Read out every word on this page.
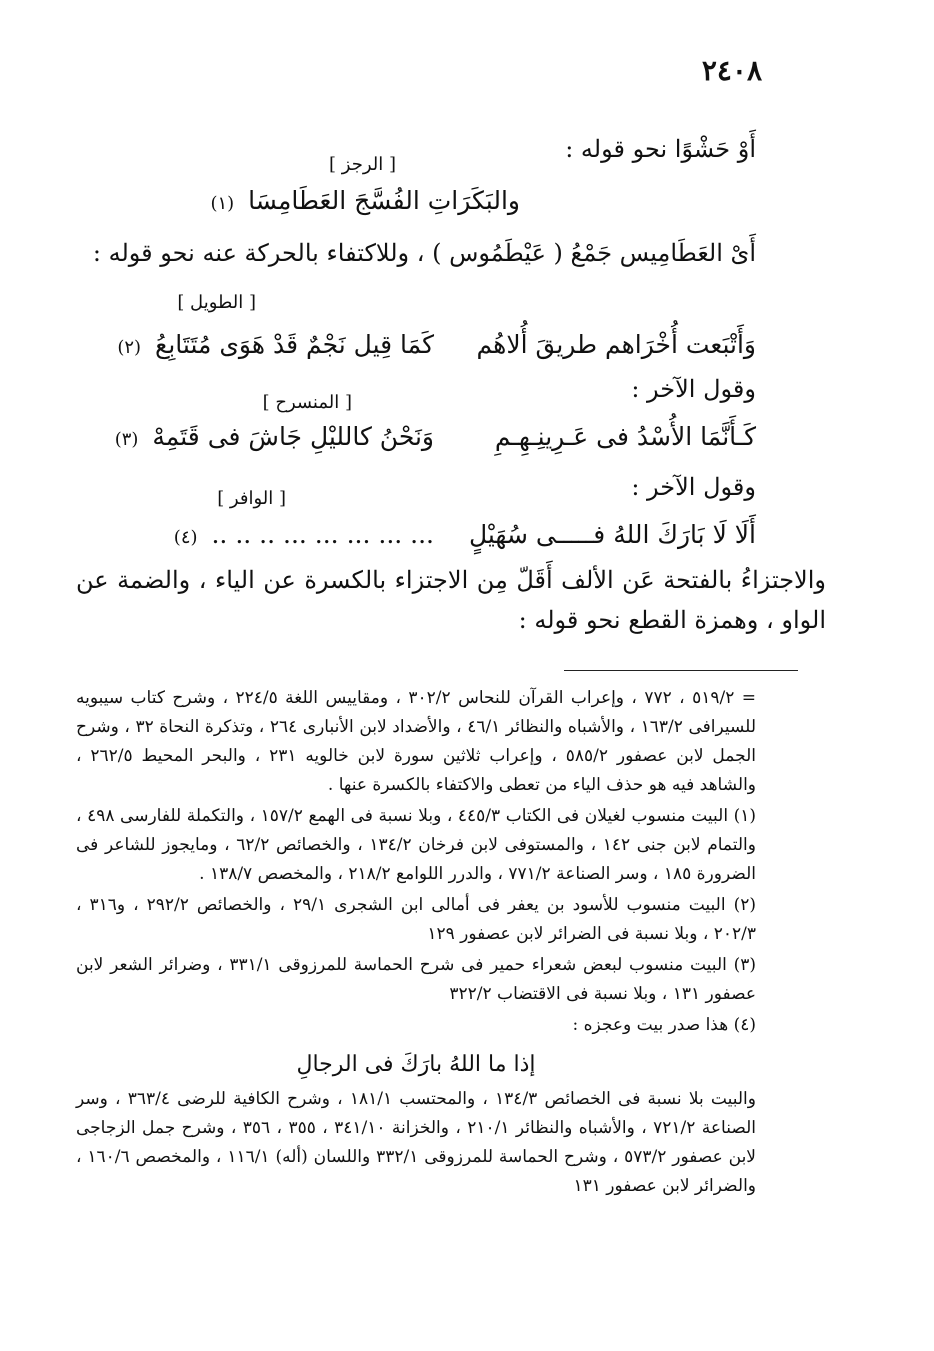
٢٤٠٨
أَوْ حَشْوًا نحو قوله :
[ الرجز ]
والبَكَرَاتِ الفُسَّجَ العَطَامِسَا (١)
أَىْ العَطَامِيس جَمْعُ ( عَيْطَمُوس ) ، وللاكتفاء بالحركة عنه نحو قوله :
[ الطويل ]
وَأَتْبَعت أُخْرَاهم طريقَ أُلاهُم
كَمَا قِيل نَجْمٌ قَدْ هَوَى مُتَتَابِعُ (٢)
وقول الآخر :
[ المنسرح ]
كَـأَنَّمَا الأُسْدُ فى عَـرِينِـهِـمِ
وَنَحْنُ كالليْلِ جَاشَ فى قَتَمِهْ (٣)
وقول الآخر :
[ الوافر ]
أَلَا لَا بَارَكَ اللهُ فـــــى سُهَيْلٍ
... ... ... ... ... .. .. .. (٤)
والاجتزاءُ بالفتحة عَن الألف أَقَلّ مِن الاجتزاء بالكسرة عن الياء ، والضمة عن الواو ، وهمزة القطع نحو قوله :

= ٥١٩/٢ ، ٧٧٢ ، وإعراب القرآن للنحاس ٣٠٢/٢ ، ومقاييس اللغة ٢٢٤/٥ ، وشرح كتاب سيبويه للسيرافى ١٦٣/٢ ، والأشباه والنظائر ٤٦/١ ، والأضداد لابن الأنبارى ٢٦٤ ، وتذكرة النحاة ٣٢ ، وشرح الجمل لابن عصفور ٥٨٥/٢ ، وإعراب ثلاثين سورة لابن خالويه ٢٣١ ، والبحر المحيط ٢٦٢/٥ ، والشاهد فيه هو حذف الياء من تعطى والاكتفاء بالكسرة عنها .

(١) البيت منسوب لغيلان فى الكتاب ٤٤٥/٣ ، وبلا نسبة فى الهمع ١٥٧/٢ ، والتكملة للفارسى ٤٩٨ ، والتمام لابن جنى ١٤٢ ، والمستوفى لابن فرخان ١٣٤/٢ ، والخصائص ٦٢/٢ ، ومايجوز للشاعر فى الضرورة ١٨٥ ، وسر الصناعة ٧٧١/٢ ، والدرر اللوامع ٢١٨/٢ ، والمخصص ١٣٨/٧ .

(٢) البيت منسوب للأسود بن يعفر فى أمالى ابن الشجرى ٢٩/١ ، والخصائص ٢٩٢/٢ ، و٣١٦ ، ٢٠٢/٣ ، وبلا نسبة فى الضرائر لابن عصفور ١٢٩

(٣) البيت منسوب لبعض شعراء حمير فى شرح الحماسة للمرزوقى ٣٣١/١ ، وضرائر الشعر لابن عصفور ١٣١ ، وبلا نسبة فى الاقتضاب ٣٢٢/٢

(٤) هذا صدر بيت وعجزه :

إذا ما اللهُ بارَكَ فى الرجالِ

والبيت بلا نسبة فى الخصائص ١٣٤/٣ ، والمحتسب ١٨١/١ ، وشرح الكافية للرضى ٣٦٣/٤ ، وسر الصناعة ٧٢١/٢ ، والأشباه والنظائر ٢١٠/١ ، والخزانة ٣٤١/١٠ ، ٣٥٥ ، ٣٥٦ ، وشرح جمل الزجاجى لابن عصفور ٥٧٣/٢ ، وشرح الحماسة للمرزوقى ٣٣٢/١ واللسان (أله) ١١٦/١ ، والمخصص ١٦٠/٦ ، والضرائر لابن عصفور ١٣١
